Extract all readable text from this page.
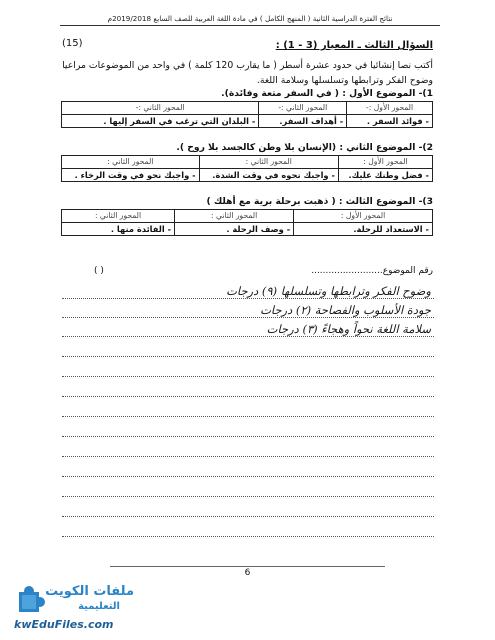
نتائج الفترة الدراسية الثانية ( المنهج الكامل ) في مادة اللغة العربية للصف السابع 2019/2018م
السؤال الثالث ـ المعيار (3 - 1) :
(15)
أكتب نصا إنشائيا في حدود عشرة أسطر ( ما يقارب 120 كلمة ) في واحد من الموضوعات مراعيا
وضوح الفكر وترابطها وتسلسلها وسلامة اللغة.
1)- الموضوع الأول : ( في السفر متعة وفائدة).
المحور الأول :-	المحور الثاني :-	المحور الثاني :-
- فوائد السفر .	- أهداف السفر.	- البلدان التي ترغب في السفر إليها .
2)- الموضوع الثاني : (الإنسان بلا وطن كالجسد بلا روح ).
المحور الأول :	المحور الثاني :	المحور الثاني :
- فضل وطنك عليك.	- واجبك نحوه في وقت الشدة.	- واجبك نحو في وقت الرخاء .
3)- الموضوع الثالث : ( ذهبت برحلة برية مع أهلك )
المحور الأول :	المحور الثاني :	المحور الثاني :
- الاستعداد للرحلة.	- وصف الرحلة .	- الفائدة منها .
رقم الموضوع.........................
( )
وضوح الفكر وترابطها وتسلسلها (٩) درجات
جودة الأسلوب والفصاحة (٢) درجات
سلامة اللغة نحواً وهجاءً (٣) درجات
6
ملفات الكويت
التعليمية
kwEduFiles.com
